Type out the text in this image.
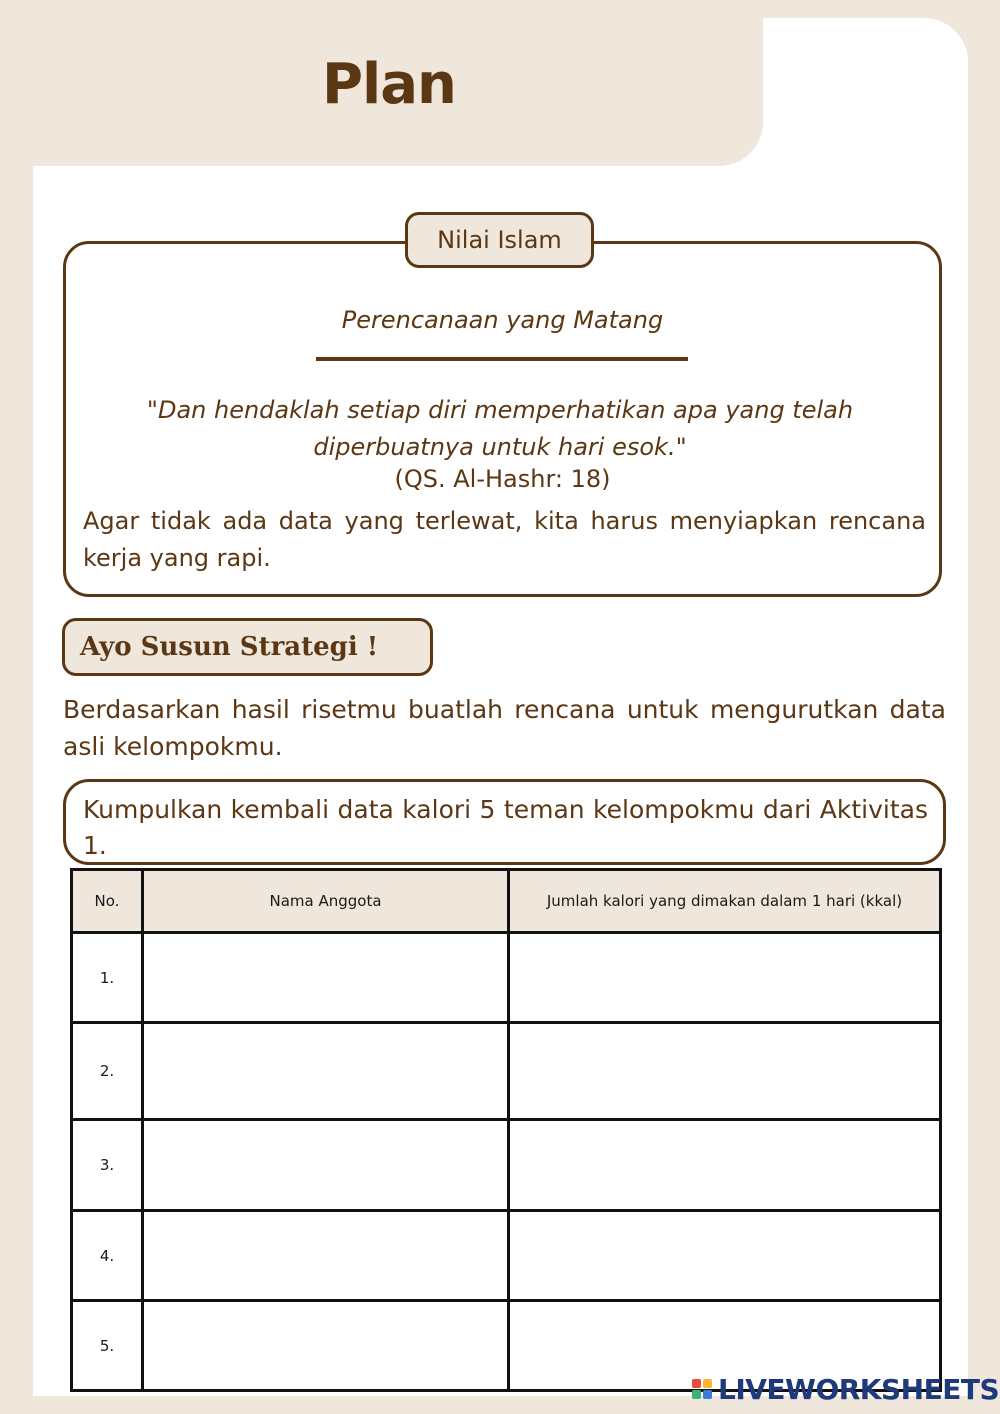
Plan
Nilai Islam
Perencanaan yang Matang
"Dan hendaklah setiap diri memperhatikan apa yang telah diperbuatnya untuk hari esok."
(QS. Al-Hashr: 18)
Agar tidak ada data yang terlewat, kita harus menyiapkan rencana kerja yang rapi.
Ayo Susun Strategi !
Berdasarkan hasil risetmu buatlah rencana untuk mengurutkan data asli kelompokmu.
Kumpulkan kembali data kalori 5 teman kelompokmu dari Aktivitas 1.
No.	Nama Anggota	Jumlah kalori yang dimakan dalam 1 hari (kkal)
1.		
2.		
3.		
4.		
5.		
LIVEWORKSHEETS
